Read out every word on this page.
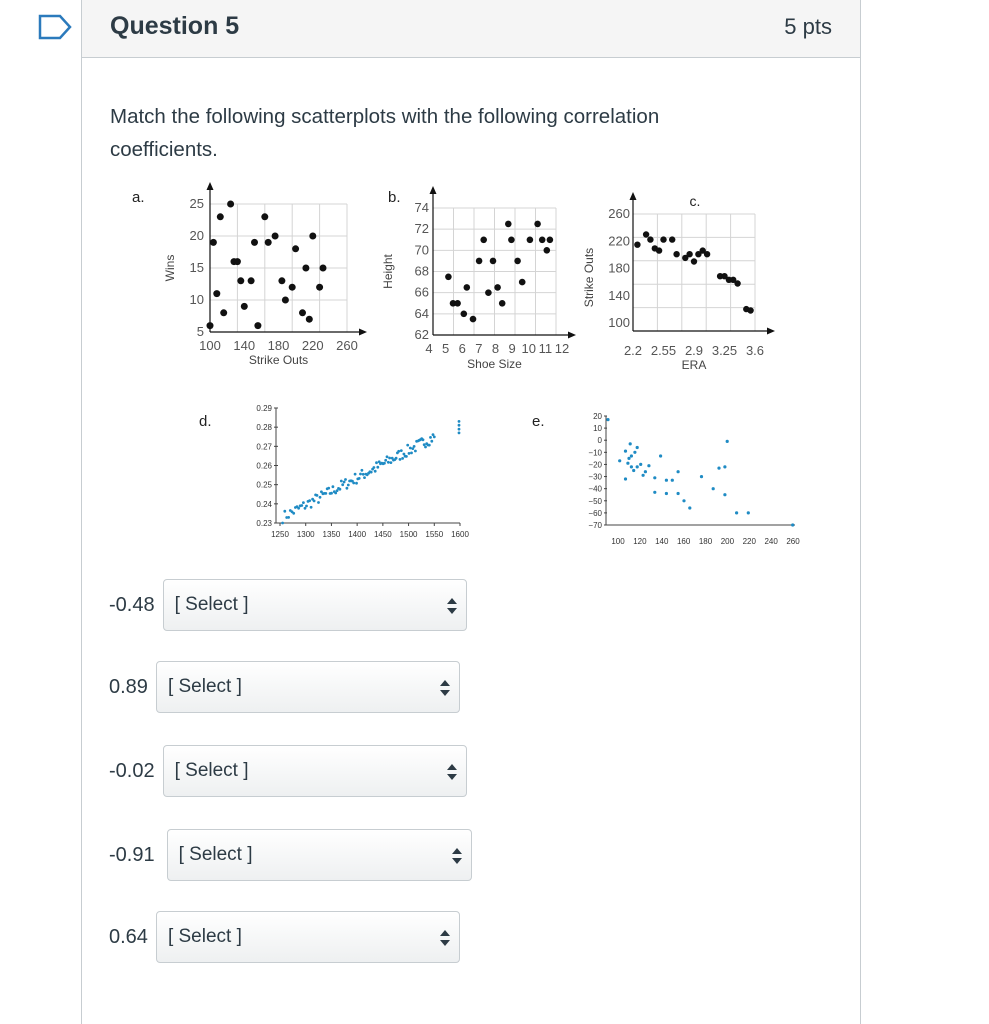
Question 5	5 pts
Match the following scatterplots with the following correlation coefficients.
a.
5
10
15
20
25
100 140 180 220 260
Strike Outs
Wins
b.
62
64
66
68
70
72
74
4 5 6 7 8 9 10 11 12
Shoe Size
Height
c.
100
140
180
220
260
2.2 2.55 2.9 3.25 3.6
ERA
Strike Outs
d.
0.23
0.24
0.25
0.26
0.27
0.28
0.29
1250 1300 1350 1400 1450 1500 1550 1600
e.	20
10
0
−10
−20
−30
−40
−50
−60
−70
100 120 140 160 180 200 220 240 260
-0.48 [ Select ]
0.89 [ Select ]
-0.02 [ Select ]
-0.91 [ Select ]
0.64 [ Select ]
